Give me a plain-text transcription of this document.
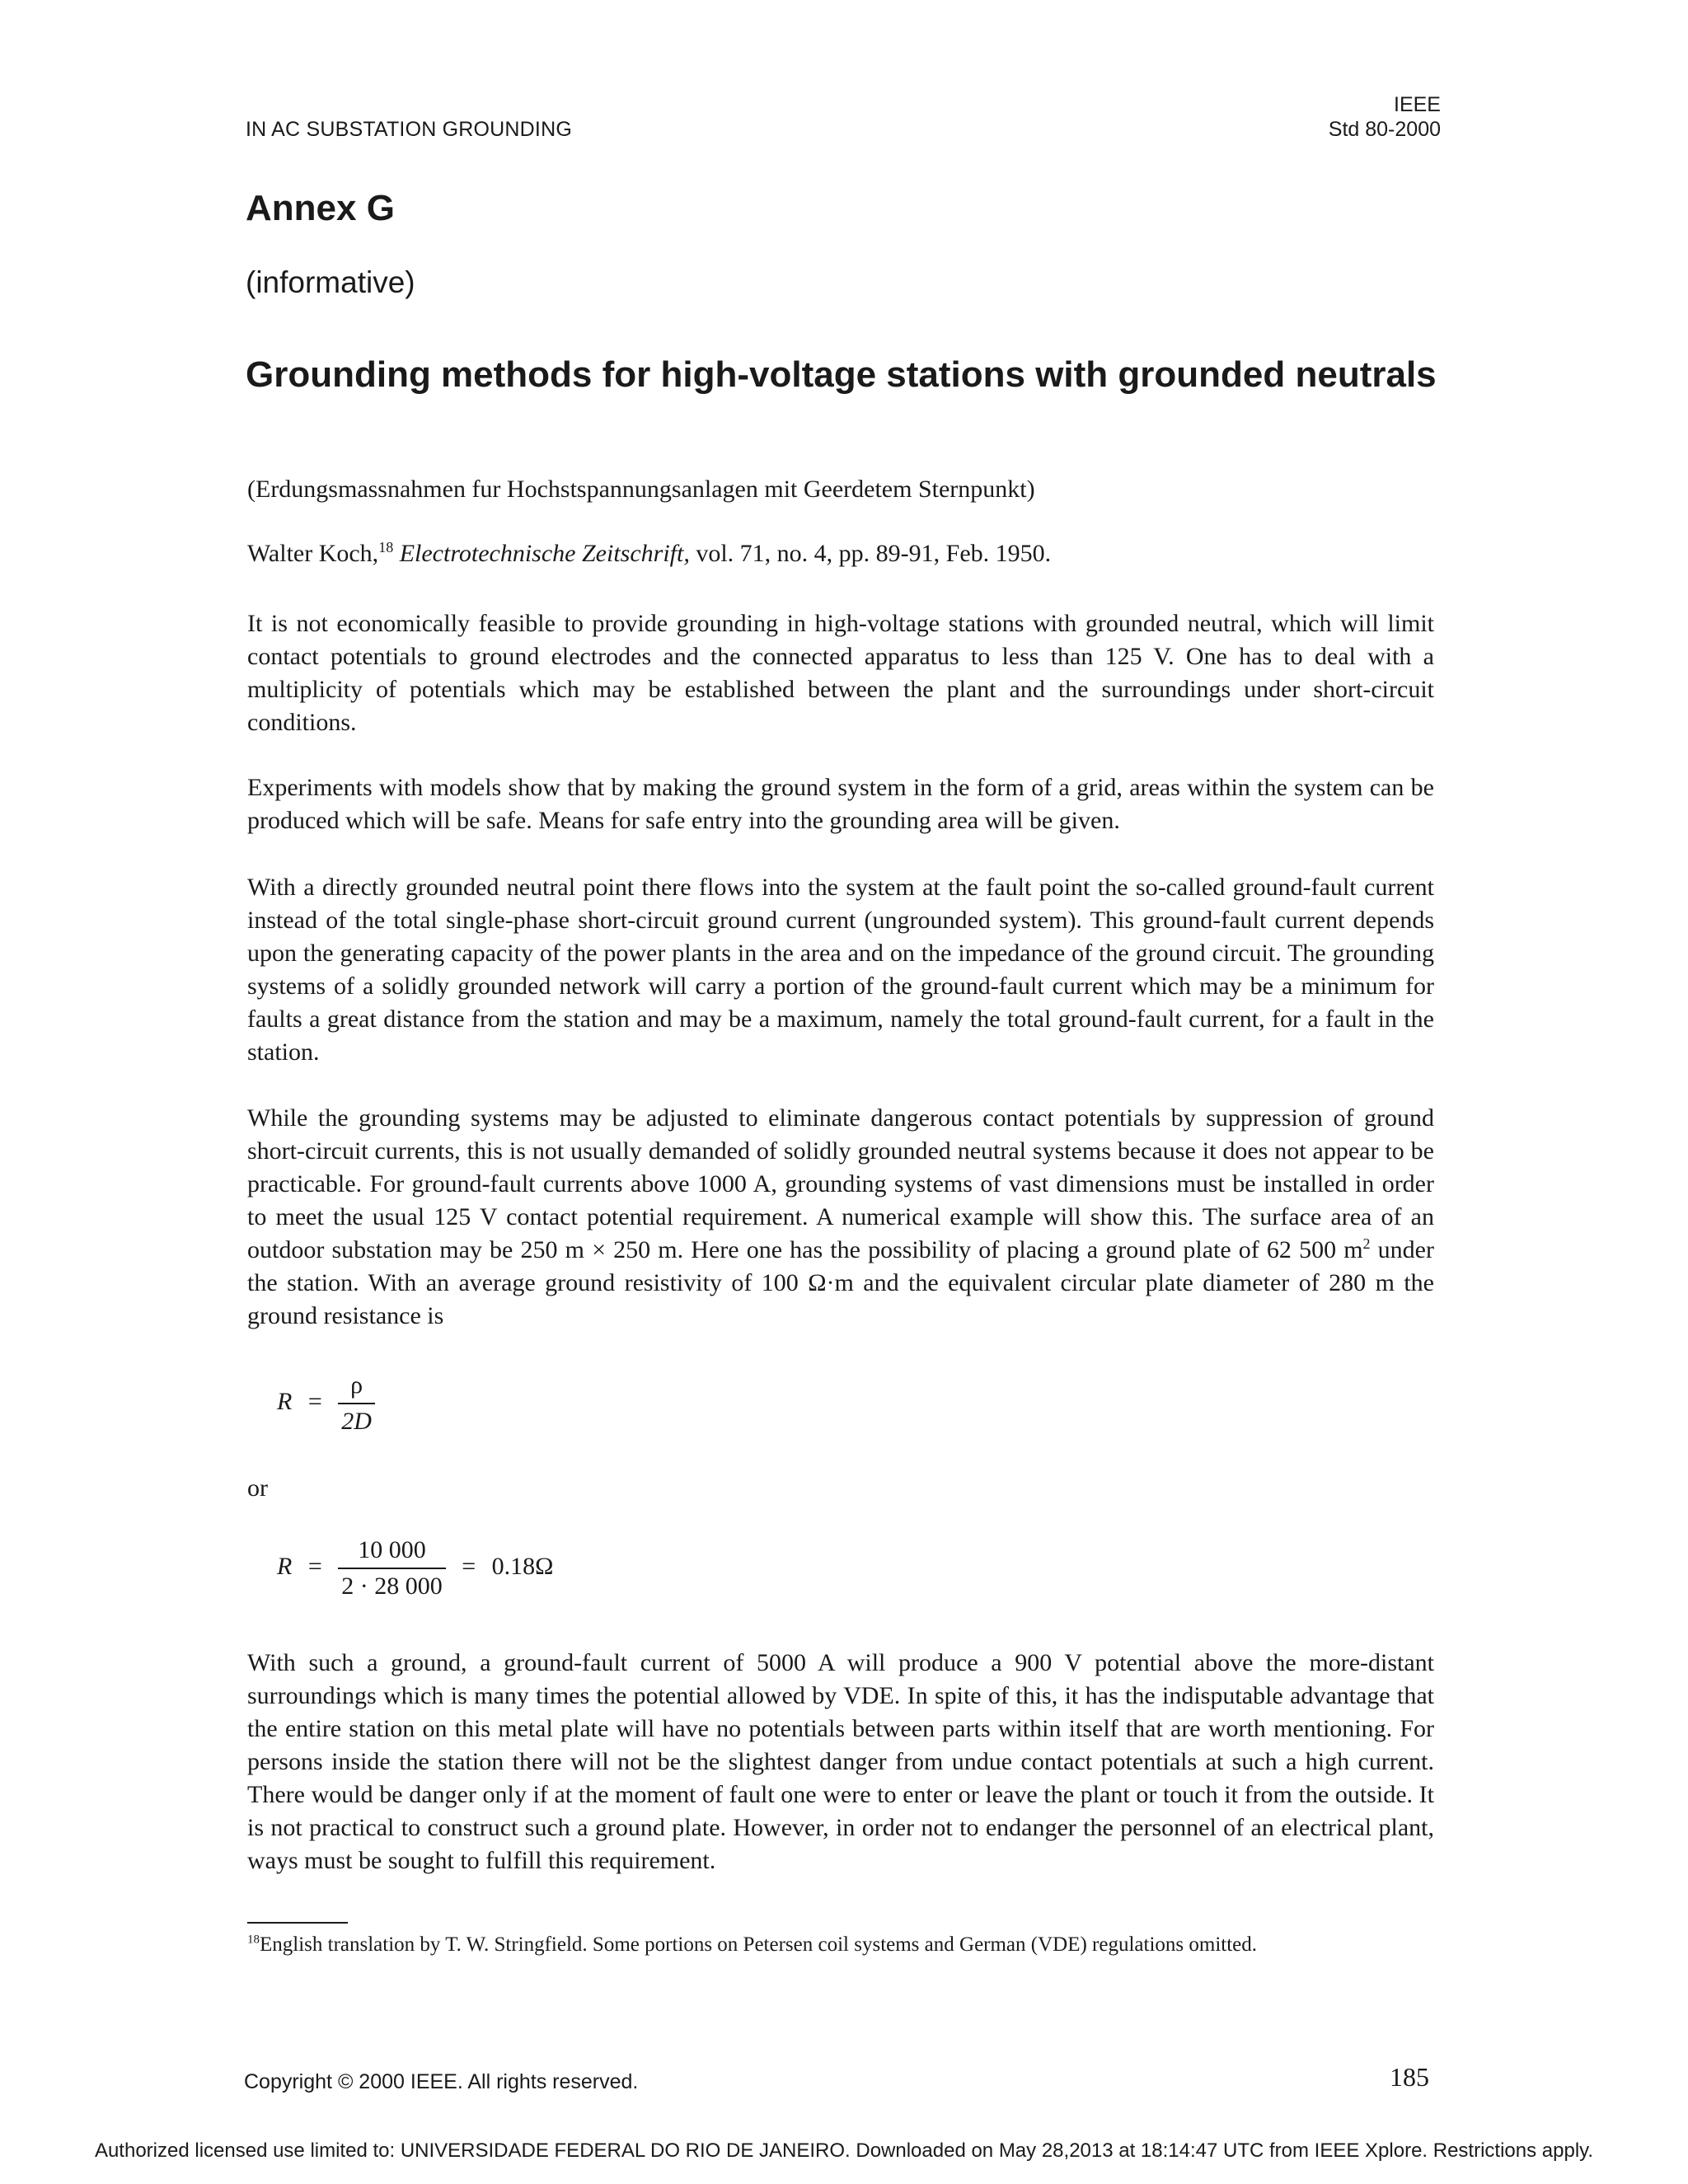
IN AC SUBSTATION GROUNDING
IEEE
Std 80-2000
Annex G
(informative)
Grounding methods for high-voltage stations with grounded neutrals
(Erdungsmassnahmen fur Hochstspannungsanlagen mit Geerdetem Sternpunkt)
Walter Koch,$^{18}$ Electrotechnische Zeitschrift, vol. 71, no. 4, pp. 89-91, Feb. 1950.

It is not economically feasible to provide grounding in high-voltage stations with grounded neutral, which will limit contact potentials to ground electrodes and the connected apparatus to less than 125 V. One has to deal with a multiplicity of potentials which may be established between the plant and the surroundings under short-circuit conditions.

Experiments with models show that by making the ground system in the form of a grid, areas within the system can be produced which will be safe. Means for safe entry into the grounding area will be given.

With a directly grounded neutral point there flows into the system at the fault point the so-called ground-fault current instead of the total single-phase short-circuit ground current (ungrounded system). This ground-fault current depends upon the generating capacity of the power plants in the area and on the impedance of the ground circuit. The grounding systems of a solidly grounded network will carry a portion of the ground-fault current which may be a minimum for faults a great distance from the station and may be a maximum, namely the total ground-fault current, for a fault in the station.

While the grounding systems may be adjusted to eliminate dangerous contact potentials by suppression of ground short-circuit currents, this is not usually demanded of solidly grounded neutral systems because it does not appear to be practicable. For ground-fault currents above 1000 A, grounding systems of vast dimensions must be installed in order to meet the usual 125 V contact potential requirement. A numerical example will show this. The surface area of an outdoor substation may be 250 m × 250 m. Here one has the possibility of placing a ground plate of 62 500 $m^2$ under the station. With an average ground resistivity of 100 Ω·m and the equivalent circular plate diameter of 280 m the ground resistance is

$R = \frac{\rho}{2D}$
or
$R = \frac{10 000}{2 \cdot 28 000} = 0.18\Omega$

With such a ground, a ground-fault current of 5000 A will produce a 900 V potential above the more-distant surroundings which is many times the potential allowed by VDE. In spite of this, it has the indisputable advantage that the entire station on this metal plate will have no potentials between parts within itself that are worth mentioning. For persons inside the station there will not be the slightest danger from undue contact potentials at such a high current. There would be danger only if at the moment of fault one were to enter or leave the plant or touch it from the outside. It is not practical to construct such a ground plate. However, in order not to endanger the personnel of an electrical plant, ways must be sought to fulfill this requirement.

$^{18}$English translation by T. W. Stringfield. Some portions on Petersen coil systems and German (VDE) regulations omitted.
Copyright © 2000 IEEE. All rights reserved.	185
Authorized licensed use limited to: UNIVERSIDADE FEDERAL DO RIO DE JANEIRO. Downloaded on May 28,2013 at 18:14:47 UTC from IEEE Xplore. Restrictions apply.
